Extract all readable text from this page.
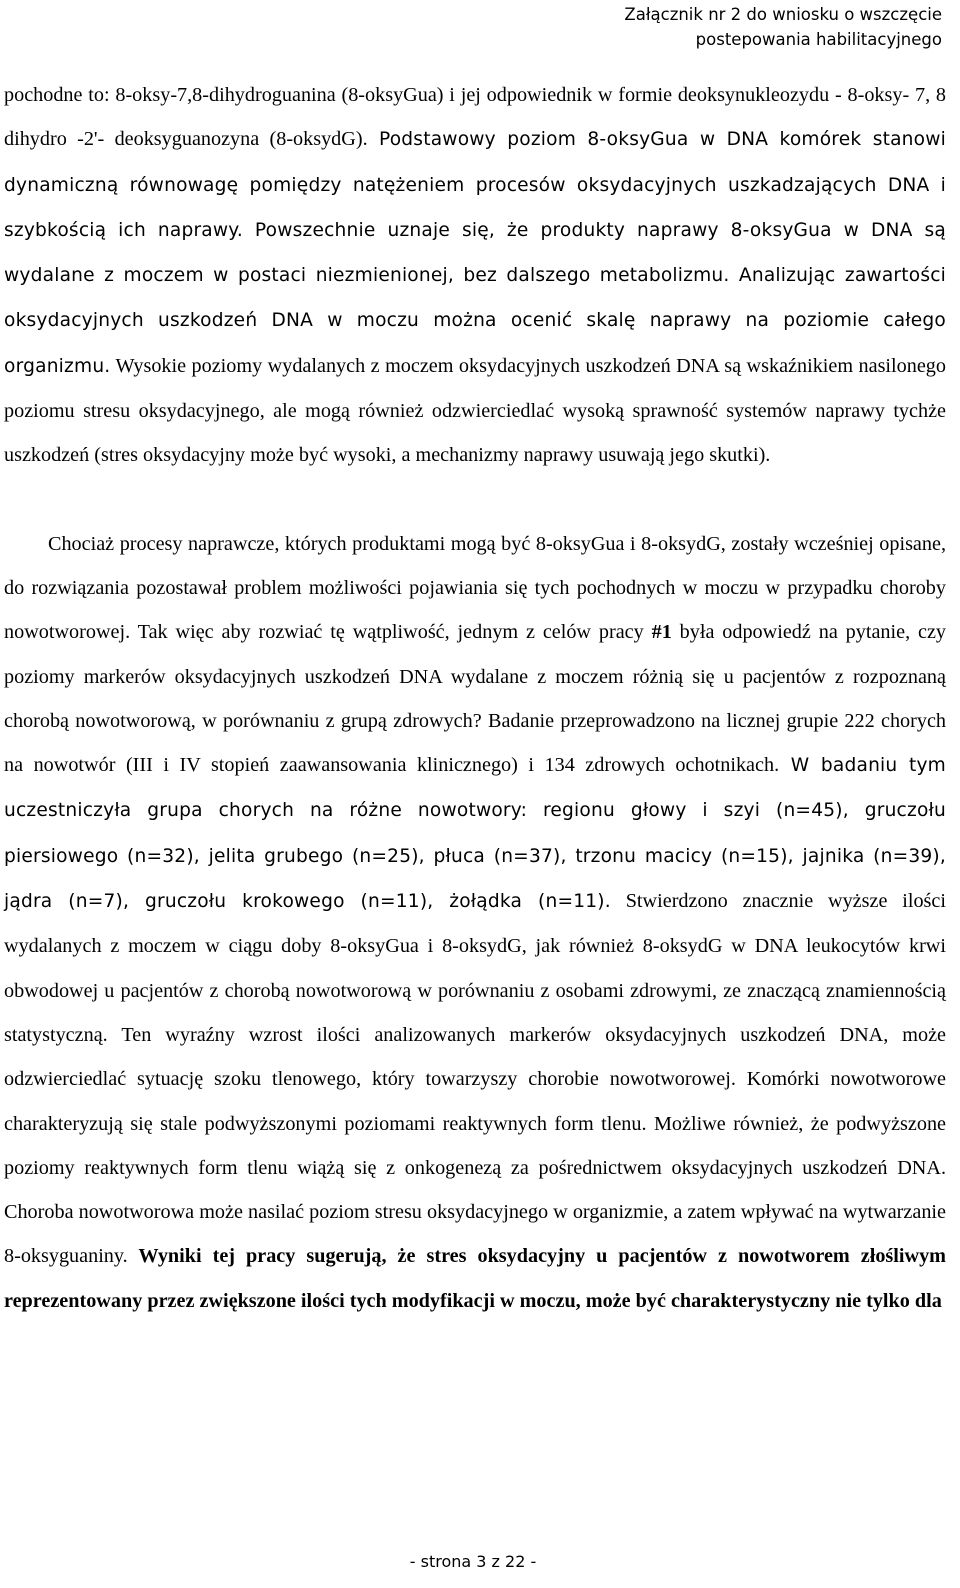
Załącznik nr 2 do wniosku o wszczęcie
postepowania habilitacyjnego

pochodne to: 8-oksy-7,8-dihydroguanina (8-oksyGua) i jej odpowiednik w formie deoksynukleozydu - 8-oksy- 7, 8 dihydro -2'- deoksyguanozyna (8-oksydG). Podstawowy poziom 8-oksyGua w DNA komórek stanowi dynamiczną równowagę pomiędzy natężeniem procesów oksydacyjnych uszkadzających DNA i szybkością ich naprawy. Powszechnie uznaje się, że produkty naprawy 8-oksyGua w DNA są wydalane z moczem w postaci niezmienionej, bez dalszego metabolizmu. Analizując zawartości oksydacyjnych uszkodzeń DNA w moczu można ocenić skalę naprawy na poziomie całego organizmu. Wysokie poziomy wydalanych z moczem oksydacyjnych uszkodzeń DNA są wskaźnikiem nasilonego poziomu stresu oksydacyjnego, ale mogą również odzwierciedlać wysoką sprawność systemów naprawy tychże uszkodzeń (stres oksydacyjny może być wysoki, a mechanizmy naprawy usuwają jego skutki).

Chociaż procesy naprawcze, których produktami mogą być 8-oksyGua i 8-oksydG, zostały wcześniej opisane, do rozwiązania pozostawał problem możliwości pojawiania się tych pochodnych w moczu w przypadku choroby nowotworowej. Tak więc aby rozwiać tę wątpliwość, jednym z celów pracy #1 była odpowiedź na pytanie, czy poziomy markerów oksydacyjnych uszkodzeń DNA wydalane z moczem różnią się u pacjentów z rozpoznaną chorobą nowotworową, w porównaniu z grupą zdrowych? Badanie przeprowadzono na licznej grupie 222 chorych na nowotwór (III i IV stopień zaawansowania klinicznego) i 134 zdrowych ochotnikach. W badaniu tym uczestniczyła grupa chorych na różne nowotwory: regionu głowy i szyi (n=45), gruczołu piersiowego (n=32), jelita grubego (n=25), płuca (n=37), trzonu macicy (n=15), jajnika (n=39), jądra (n=7), gruczołu krokowego (n=11), żołądka (n=11). Stwierdzono znacznie wyższe ilości wydalanych z moczem w ciągu doby 8-oksyGua i 8-oksydG, jak również 8-oksydG w DNA leukocytów krwi obwodowej u pacjentów z chorobą nowotworową w porównaniu z osobami zdrowymi, ze znaczącą znamiennością statystyczną. Ten wyraźny wzrost ilości analizowanych markerów oksydacyjnych uszkodzeń DNA, może odzwierciedlać sytuację szoku tlenowego, który towarzyszy chorobie nowotworowej. Komórki nowotworowe charakteryzują się stale podwyższonymi poziomami reaktywnych form tlenu. Możliwe również, że podwyższone poziomy reaktywnych form tlenu wiążą się z onkogenezą za pośrednictwem oksydacyjnych uszkodzeń DNA. Choroba nowotworowa może nasilać poziom stresu oksydacyjnego w organizmie, a zatem wpływać na wytwarzanie 8-oksyguaniny. Wyniki tej pracy sugerują, że stres oksydacyjny u pacjentów z nowotworem złośliwym reprezentowany przez zwiększone ilości tych modyfikacji w moczu, może być charakterystyczny nie tylko dla

- strona 3 z 22 -
